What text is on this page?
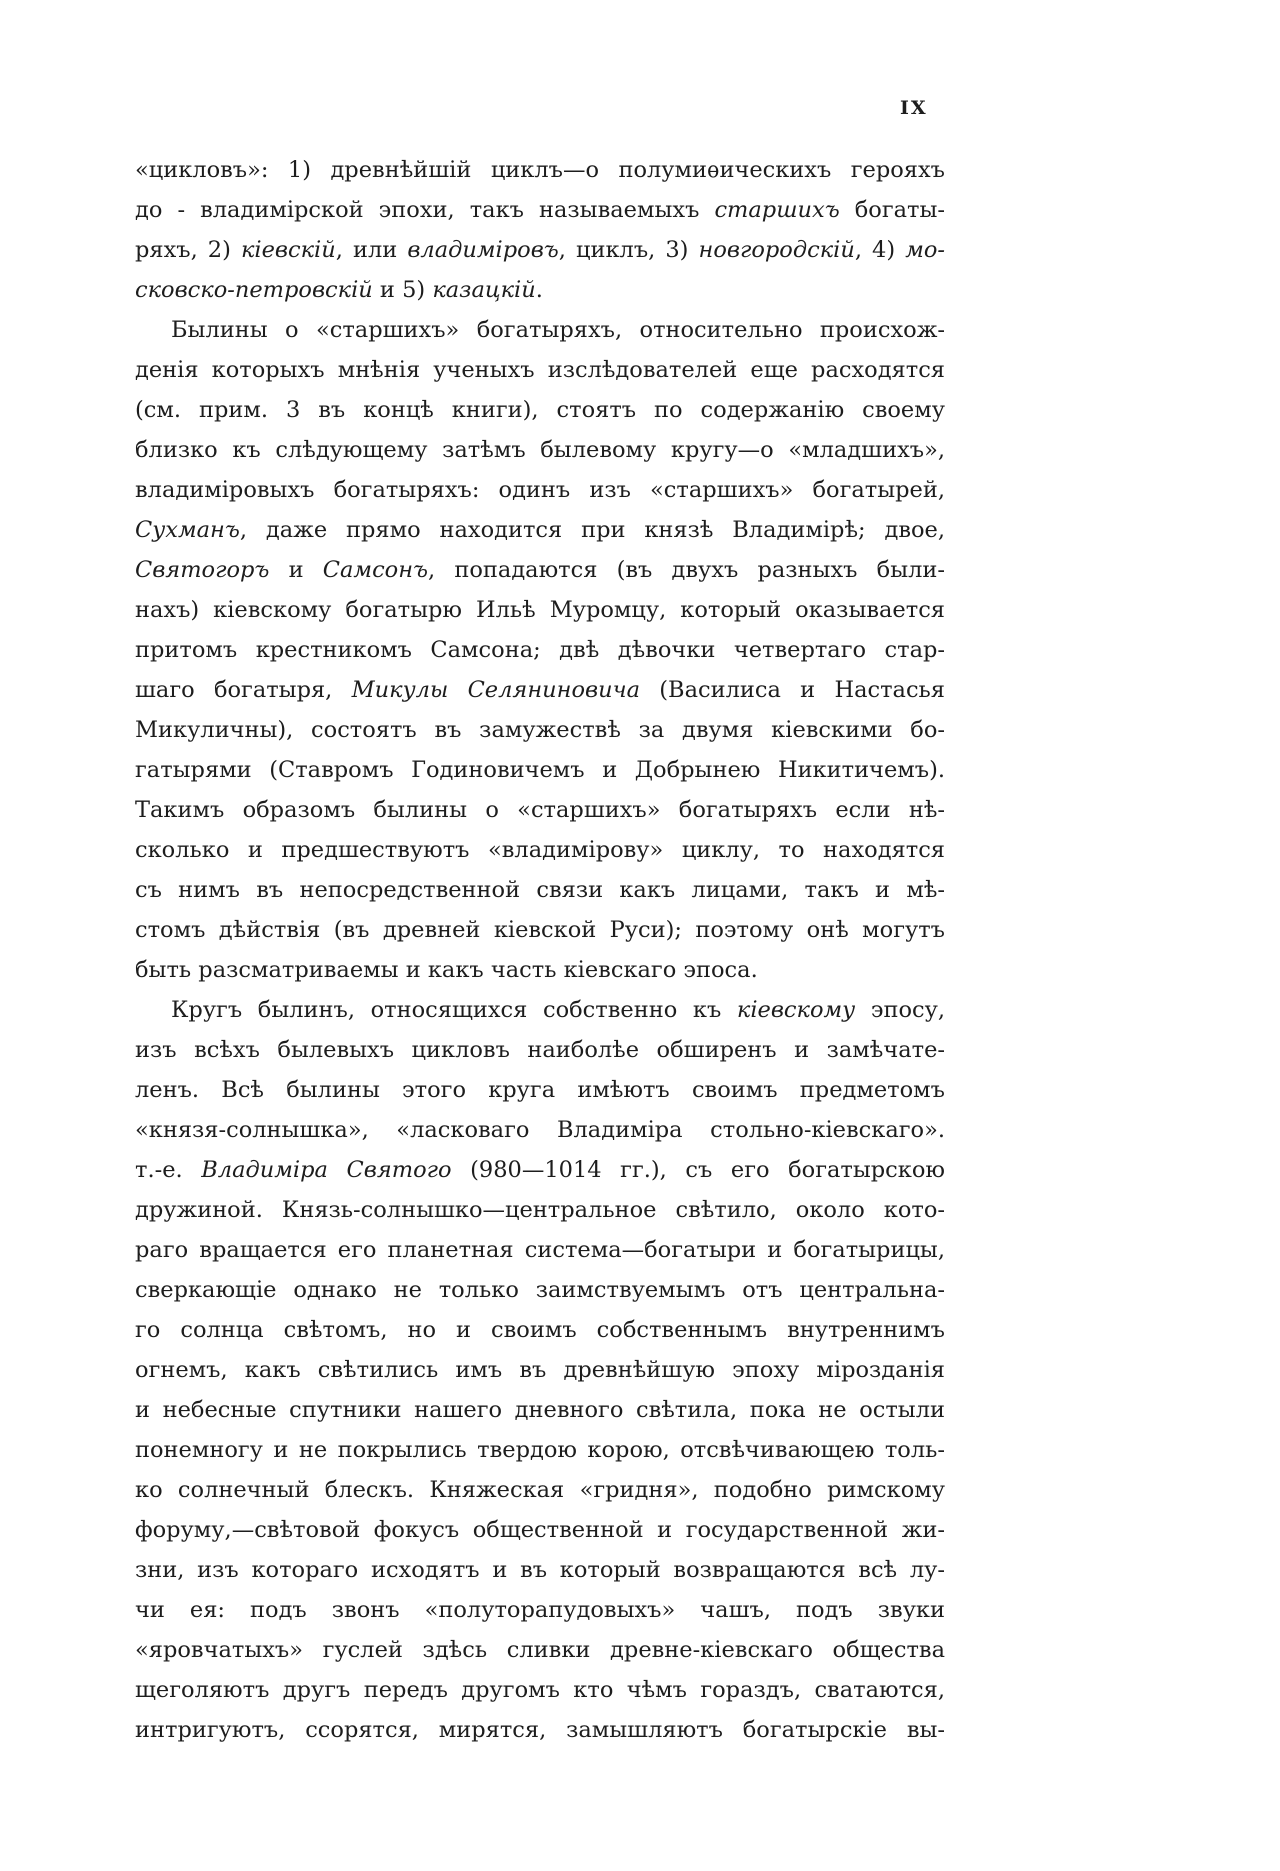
IX
«цикловъ»: 1) древнѣйшій циклъ—о полумиѳическихъ герояхъ
до - владимірской эпохи, такъ называемыхъ старшихъ богаты-
ряхъ, 2) кіевскій, или владиміровъ, циклъ, 3) новгородскій, 4) мо-
сковско-петровскій и 5) казацкій.
Былины о «старшихъ» богатыряхъ, относительно происхож-
денія которыхъ мнѣнія ученыхъ изслѣдователей еще расходятся
(см. прим. 3 въ концѣ книги), стоятъ по содержанію своему
близко къ слѣдующему затѣмъ былевому кругу—о «младшихъ»,
владиміровыхъ богатыряхъ: одинъ изъ «старшихъ» богатырей,
Сухманъ, даже прямо находится при князѣ Владимірѣ; двое,
Святогоръ и Самсонъ, попадаются (въ двухъ разныхъ были-
нахъ) кіевскому богатырю Ильѣ Муромцу, который оказывается
притомъ крестникомъ Самсона; двѣ дѣвочки четвертаго стар-
шаго богатыря, Микулы Селяниновича (Василиса и Настасья
Микуличны), состоятъ въ замужествѣ за двумя кіевскими бо-
гатырями (Ставромъ Годиновичемъ и Добрынею Никитичемъ).
Такимъ образомъ былины о «старшихъ» богатыряхъ если нѣ-
сколько и предшествуютъ «владимірову» циклу, то находятся
съ нимъ въ непосредственной связи какъ лицами, такъ и мѣ-
стомъ дѣйствія (въ древней кіевской Руси); поэтому онѣ могутъ
быть разсматриваемы и какъ часть кіевскаго эпоса.
Кругъ былинъ, относящихся собственно къ кіевскому эпосу,
изъ всѣхъ былевыхъ цикловъ наиболѣе обширенъ и замѣчате-
ленъ. Всѣ былины этого круга имѣютъ своимъ предметомъ
«князя-солнышка», «ласковаго Владиміра стольно-кіевскаго».
т.-е. Владиміра Святого (980—1014 гг.), съ его богатырскою
дружиной. Князь-солнышко—центральное свѣтило, около кото-
раго вращается его планетная система—богатыри и богатырицы,
сверкающіе однако не только заимствуемымъ отъ центральна-
го солнца свѣтомъ, но и своимъ собственнымъ внутреннимъ
огнемъ, какъ свѣтились имъ въ древнѣйшую эпоху мірозданія
и небесные спутники нашего дневного свѣтила, пока не остыли
понемногу и не покрылись твердою корою, отсвѣчивающею толь-
ко солнечный блескъ. Княжеская «гридня», подобно римскому
форуму,—свѣтовой фокусъ общественной и государственной жи-
зни, изъ котораго исходятъ и въ который возвращаются всѣ лу-
чи ея: подъ звонъ «полуторапудовыхъ» чашъ, подъ звуки
«яровчатыхъ» гуслей здѣсь сливки древне-кіевскаго общества
щеголяютъ другъ передъ другомъ кто чѣмъ гораздъ, сватаются,
интригуютъ, ссорятся, мирятся, замышляютъ богатырскіе вы-
